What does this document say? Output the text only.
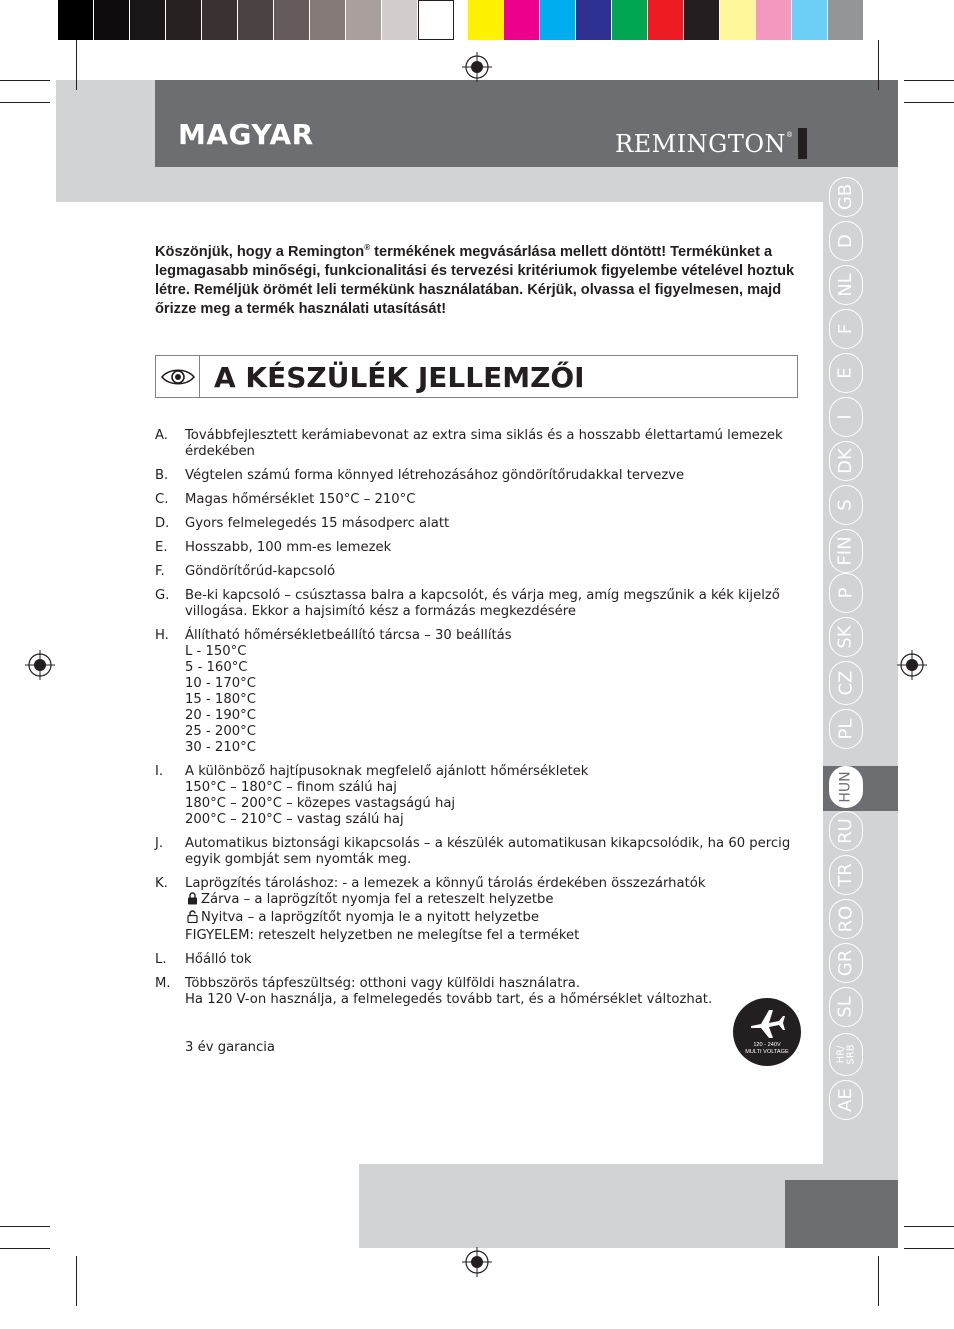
MAGYAR	REMINGTON®
GB
D
NL
F
E
I
DK
S
FIN
P
SK
CZ
PL
HUN
RU
TR
RO
GR
SL
HR/
SRB
AE

Köszönjük, hogy a Remington® termékének megvásárlása mellett döntött! Termékünket a legmagasabb minőségi, funkcionalitási és tervezési kritériumok figyelembe vételével hoztuk létre. Reméljük örömét leli termékünk használatában. Kérjük, olvassa el figyelmesen, majd őrizze meg a termék használati utasítását!

A KÉSZÜLÉK JELLEMZŐI
A.	Továbbfejlesztett kerámiabevonat az extra sima siklás és a hosszabb élettartamú lemezek érdekében
B.	Végtelen számú forma könnyed létrehozásához göndörítőrudakkal tervezve
C.	Magas hőmérséklet 150°C – 210°C
D.	Gyors felmelegedés 15 másodperc alatt
E.	Hosszabb, 100 mm-es lemezek
F.	Göndörítőrúd-kapcsoló
G.	Be-ki kapcsoló – csúsztassa balra a kapcsolót, és várja meg, amíg megszűnik a kék kijelző villogása. Ekkor a hajsimító kész a formázás megkezdésére
H.	Állítható hőmérsékletbeállító tárcsa – 30 beállítás
L - 150°C
5 - 160°C
10 - 170°C
15 - 180°C
20 - 190°C
25 - 200°C
30 - 210°C
I.	A különböző hajtípusoknak megfelelő ajánlott hőmérsékletek
150°C – 180°C – finom szálú haj
180°C – 200°C – közepes vastagságú haj
200°C – 210°C – vastag szálú haj
J.	Automatikus biztonsági kikapcsolás – a készülék automatikusan kikapcsolódik, ha 60 percig egyik gombját sem nyomták meg.
K.	Laprögzítés tároláshoz: - a lemezek a könnyű tárolás érdekében összezárhatók
Zárva – a laprögzítőt nyomja fel a reteszelt helyzetbe
Nyitva – a laprögzítőt nyomja le a nyitott helyzetbe
FIGYELEM: reteszelt helyzetben ne melegítse fel a terméket
L.	Hőálló tok
M.	Többszörös tápfeszültség: otthoni vagy külföldi használatra.
Ha 120 V-on használja, a felmelegedés tovább tart, és a hőmérséklet változhat.
3 év garancia	120 - 240V
MULTI VOLTAGE
